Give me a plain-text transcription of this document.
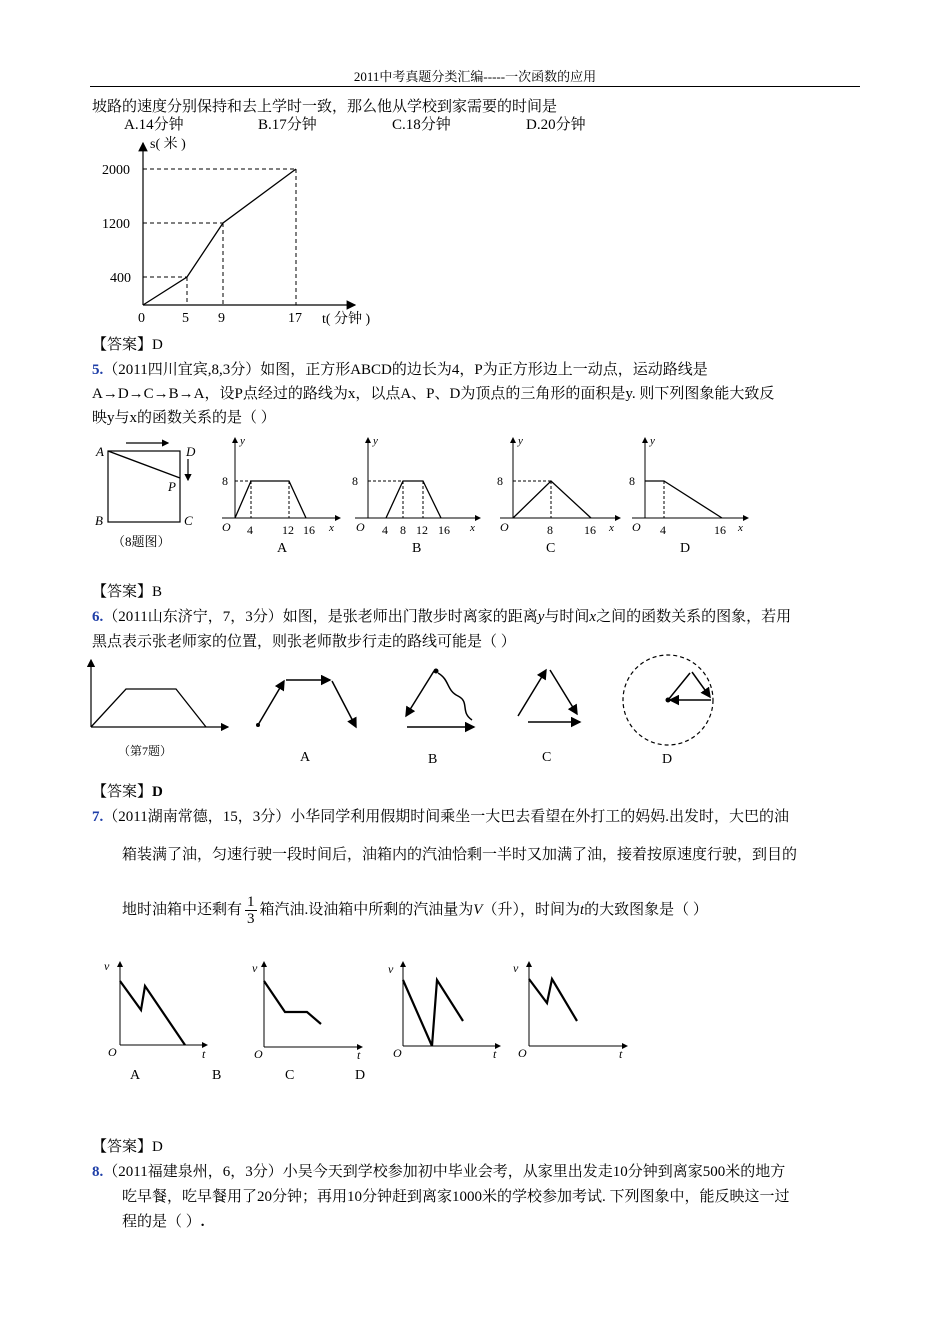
2011中考真题分类汇编-----一次函数的应用
坡路的速度分别保持和去上学时一致，那么他从学校到家需要的时间是
A.14分钟	B.17分钟	C.18分钟	D.20分钟
s( 米 )
t( 分钟 )
2000
1200
400
0	5 9	17
【答案】D
5.（2011四川宜宾,8,3分）如图，正方形ABCD的边长为4，P为正方形边上一动点，运动路线是
A→D→C→B→A，设P点经过的路线为x，以点A、P、D为顶点的三角形的面积是y. 则下列图象能大致反
映y与x的函数关系的是（ ）
A	D
P
B	C
（8题图）
y
8
O 4 12 16 x
A
y
8
O 4 8 12 16 x
B
y
8
O	8	16 x
C
y
8
O 4	16 x
D
【答案】B
6.（2011山东济宁，7，3分）如图，是张老师出门散步时离家的距离y与时间x之间的函数关系的图象，若用
黑点表示张老师家的位置，则张老师散步行走的路线可能是（ ）
（第7题）	A	B	C	D
【答案】D
7.（2011湖南常德，15，3分）小华同学利用假期时间乘坐一大巴去看望在外打工的妈妈.出发时，大巴的油
箱装满了油，匀速行驶一段时间后，油箱内的汽油恰剩一半时又加满了油，接着按原速度行驶，到目的
地时油箱中还剩有 $\frac{1}{3}$ 箱汽油.设油箱中所剩的汽油量为V（升），时间为t的大致图象是（ ）
v
O	t
v
O	t
v
O	t
v
O	t
A	B	C	D
【答案】D
8.（2011福建泉州，6，3分）小吴今天到学校参加初中毕业会考，从家里出发走10分钟到离家500米的地方
吃早餐，吃早餐用了20分钟；再用10分钟赶到离家1000米的学校参加考试. 下列图象中，能反映这一过
程的是（ ）.
